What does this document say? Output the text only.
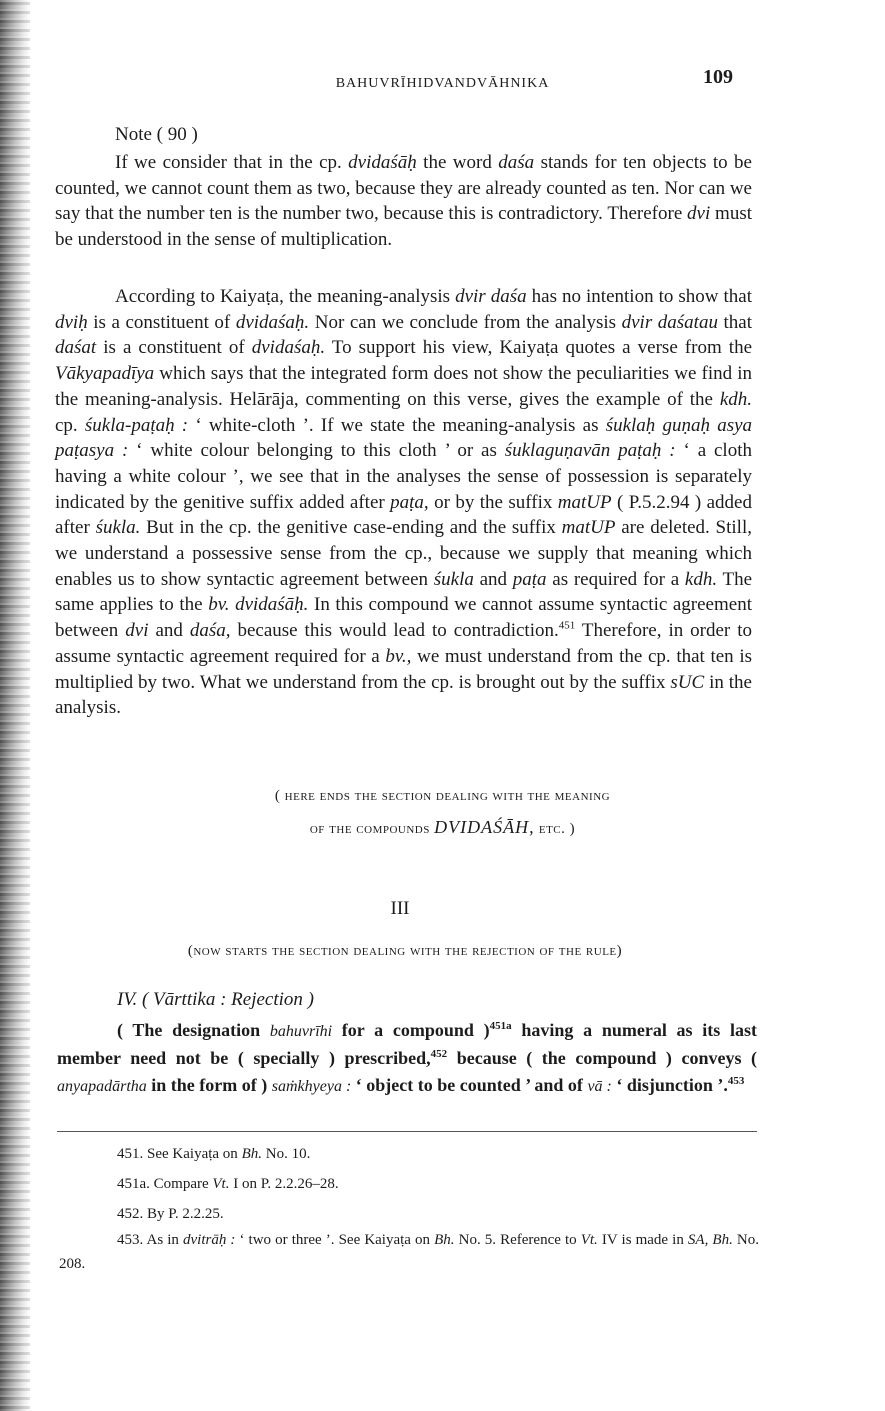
BAHUVRĪHIDVANDVĀHNIKA	109
Note ( 90 )
If we consider that in the cp. dvidaśāḥ the word daśa stands for ten objects to be counted, we cannot count them as two, because they are already counted as ten. Nor can we say that the number ten is the number two, because this is contradictory. Therefore dvi must be understood in the sense of multiplication.
According to Kaiyaṭa, the meaning-analysis dvir daśa has no intention to show that dviḥ is a constituent of dvidaśaḥ. Nor can we conclude from the analysis dvir daśatau that daśat is a constituent of dvidaśaḥ. To support his view, Kaiyaṭa quotes a verse from the Vākyapadīya which says that the integrated form does not show the peculiarities we find in the meaning-analysis. Helārāja, commenting on this verse, gives the example of the kdh. cp. śukla-paṭaḥ : ‘ white-cloth ’. If we state the meaning-analysis as śuklaḥ guṇaḥ asya paṭasya : ‘ white colour belonging to this cloth ’ or as śuklaguṇavān paṭaḥ : ‘ a cloth having a white colour ’, we see that in the analyses the sense of possession is separately indicated by the genitive suffix added after paṭa, or by the suffix matUP ( P.5.2.94 ) added after śukla. But in the cp. the genitive case-ending and the suffix matUP are deleted. Still, we understand a possessive sense from the cp., because we supply that meaning which enables us to show syntactic agreement between śukla and paṭa as required for a kdh. The same applies to the bv. dvidaśāḥ. In this compound we cannot assume syntactic agreement between dvi and daśa, because this would lead to contradiction.$^{451}$ Therefore, in order to assume syntactic agreement required for a bv., we must understand from the cp. that ten is multiplied by two. What we understand from the cp. is brought out by the suffix sUC in the analysis.
( here ends the section dealing with the meaning
of the compounds DVIDAŚĀH, etc. )
III
(now starts the section dealing with the rejection of the rule)
IV. ( Vārttika : Rejection )
( The designation bahuvrīhi for a compound )$^{451a}$ having a numeral as its last member need not be ( specially ) prescribed,$^{452}$ because ( the compound ) conveys ( anyapadārtha in the form of ) saṁkhyeya : ‘ object to be counted ’ and of vā : ‘ disjunction ’.$^{453}$
451. See Kaiyaṭa on Bh. No. 10.
451a. Compare Vt. I on P. 2.2.26–28.
452. By P. 2.2.25.
453. As in dvitrāḥ : ‘ two or three ’. See Kaiyaṭa on Bh. No. 5. Reference to Vt. IV is made in SA, Bh. No. 208.
